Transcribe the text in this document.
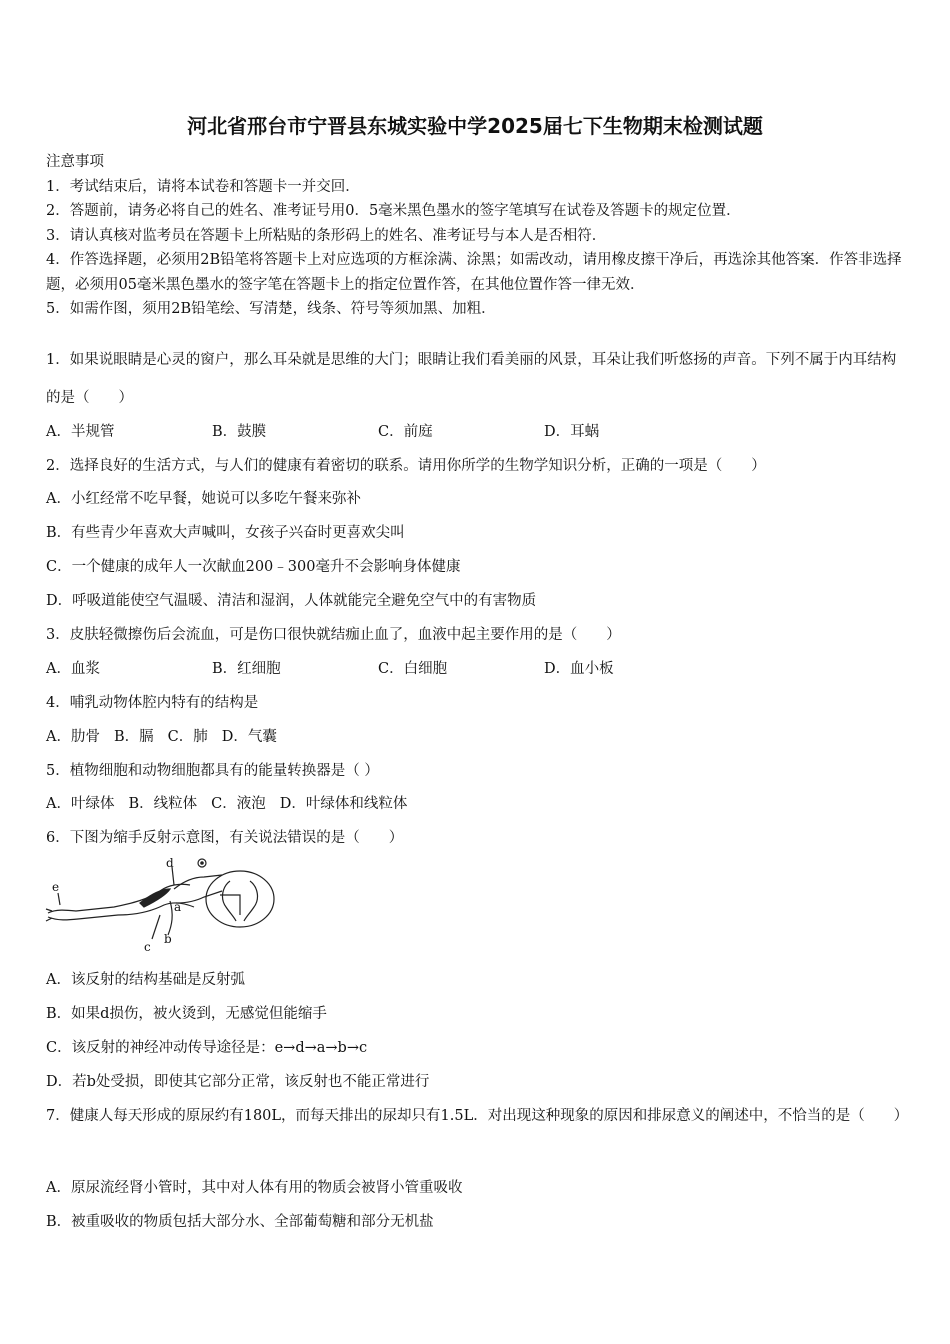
河北省邢台市宁晋县东城实验中学2025届七下生物期末检测试题

注意事项

1．考试结束后，请将本试卷和答题卡一并交回．

2．答题前，请务必将自己的姓名、准考证号用0．5毫米黑色墨水的签字笔填写在试卷及答题卡的规定位置．

3．请认真核对监考员在答题卡上所粘贴的条形码上的姓名、准考证号与本人是否相符．

4．作答选择题，必须用2B铅笔将答题卡上对应选项的方框涂满、涂黑；如需改动，请用橡皮擦干净后，再选涂其他答案．作答非选择题，必须用05毫米黑色墨水的签字笔在答题卡上的指定位置作答，在其他位置作答一律无效．

5．如需作图，须用2B铅笔绘、写清楚，线条、符号等须加黑、加粗．

1．如果说眼睛是心灵的窗户，那么耳朵就是思维的大门；眼睛让我们看美丽的风景，耳朵让我们听悠扬的声音。下列不属于内耳结构的是（　　）
A．半规管	B．鼓膜	C．前庭	D．耳蜗
2．选择良好的生活方式，与人们的健康有着密切的联系。请用你所学的生物学知识分析，正确的一项是（　　）
A．小红经常不吃早餐，她说可以多吃午餐来弥补
B．有些青少年喜欢大声喊叫，女孩子兴奋时更喜欢尖叫
C．一个健康的成年人一次献血200﹣300毫升不会影响身体健康
D．呼吸道能使空气温暖、清洁和湿润，人体就能完全避免空气中的有害物质
3．皮肤轻微擦伤后会流血，可是伤口很快就结痂止血了，血液中起主要作用的是（　　）
A．血浆	B．红细胞	C．白细胞	D．血小板
4．哺乳动物体腔内特有的结构是
A．肋骨 B．膈 C．肺 D．气囊
5．植物细胞和动物细胞都具有的能量转换器是（ ）
A．叶绿体 B．线粒体 C．液泡 D．叶绿体和线粒体
6．下图为缩手反射示意图，有关说法错误的是（　　）
d
e
a
c
b
A．该反射的结构基础是反射弧
B．如果d损伤，被火烫到，无感觉但能缩手
C．该反射的神经冲动传导途径是：e→d→a→b→c
D．若b处受损，即使其它部分正常，该反射也不能正常进行
7．健康人每天形成的原尿约有180L，而每天排出的尿却只有1.5L．对出现这种现象的原因和排尿意义的阐述中，不恰当的是（　　）
A．原尿流经肾小管时，其中对人体有用的物质会被肾小管重吸收
B．被重吸收的物质包括大部分水、全部葡萄糖和部分无机盐
